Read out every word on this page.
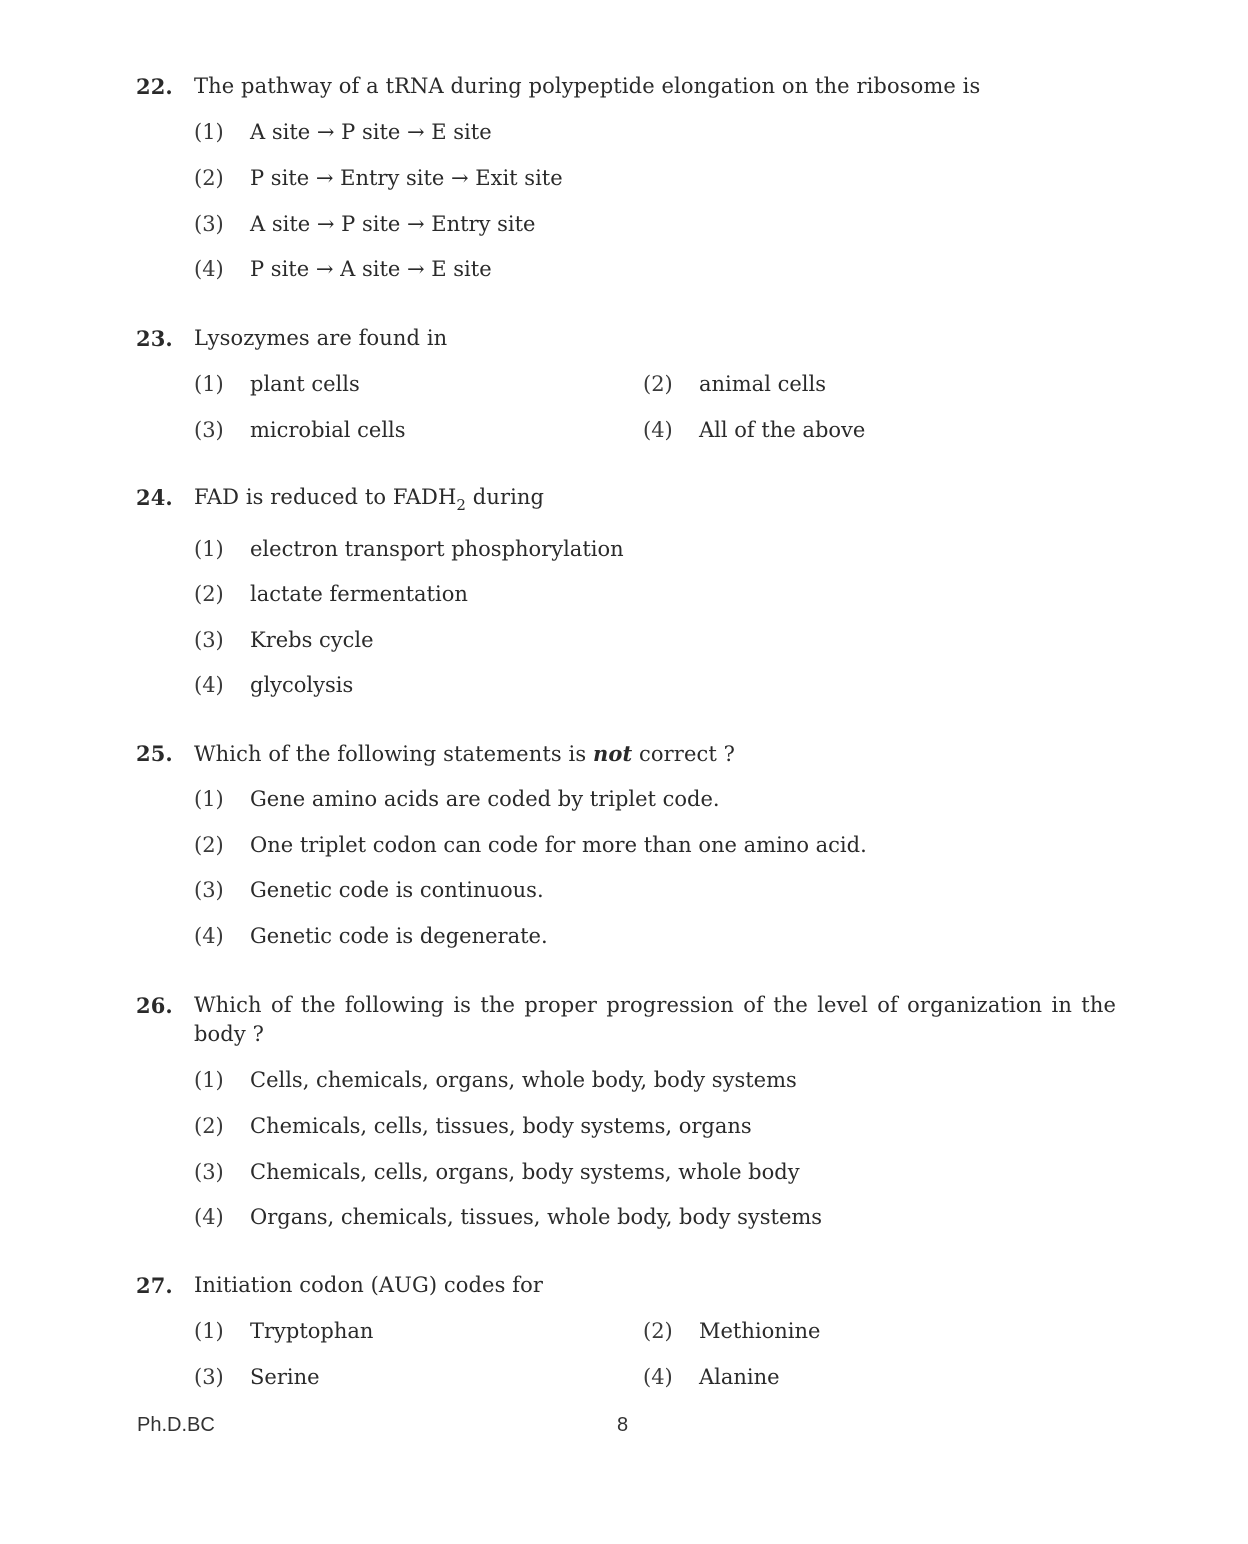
22. The pathway of a tRNA during polypeptide elongation on the ribosome is
(1) A site → P site → E site
(2) P site → Entry site → Exit site
(3) A site → P site → Entry site
(4) P site → A site → E site
23. Lysozymes are found in
(1) plant cells	(2) animal cells
(3) microbial cells	(4) All of the above
24. FAD is reduced to $FADH_2$ during
(1) electron transport phosphorylation
(2) lactate fermentation
(3) Krebs cycle
(4) glycolysis
25. Which of the following statements is not correct ?
(1) Gene amino acids are coded by triplet code.
(2) One triplet codon can code for more than one amino acid.
(3) Genetic code is continuous.
(4) Genetic code is degenerate.
26. Which of the following is the proper progression of the level of organization in the body ?
(1) Cells, chemicals, organs, whole body, body systems
(2) Chemicals, cells, tissues, body systems, organs
(3) Chemicals, cells, organs, body systems, whole body
(4) Organs, chemicals, tissues, whole body, body systems
27. Initiation codon (AUG) codes for
(1) Tryptophan	(2) Methionine
(3) Serine	(4) Alanine
Ph.D.BC	8
